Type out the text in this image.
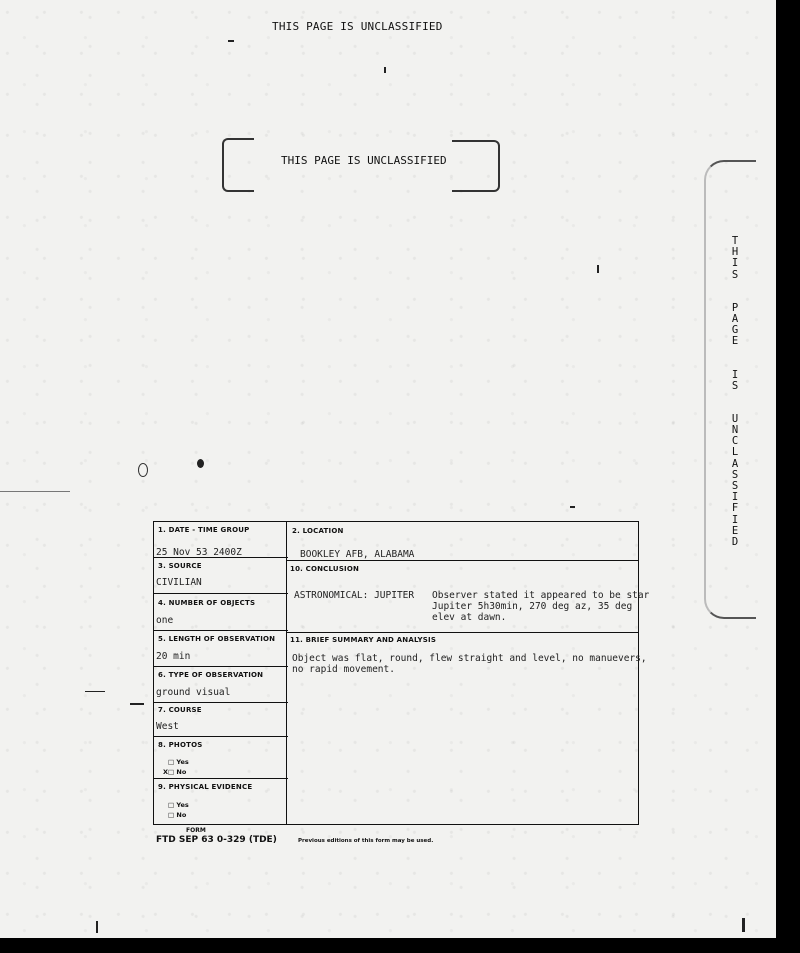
THIS PAGE IS UNCLASSIFIED
THIS PAGE IS UNCLASSIFIED
T
H
I
S

P
A
G
E

I
S

U
N
C
L
A
S
S
I
F
I
E
D
1. DATE - TIME GROUP
25 Nov 53 2400Z
3. SOURCE
CIVILIAN
4. NUMBER OF OBJECTS
one
5. LENGTH OF OBSERVATION
20 min
6. TYPE OF OBSERVATION
ground visual
7. COURSE
West
8. PHOTOS
□ Yes
X□ No
9. PHYSICAL EVIDENCE
□ Yes
□ No
2. LOCATION
BOOKLEY AFB, ALABAMA
10. CONCLUSION
ASTRONOMICAL: JUPITER Observer stated it appeared to be star
Jupiter 5h30min, 270 deg az, 35 deg
elev at dawn.
11. BRIEF SUMMARY AND ANALYSIS
Object was flat, round, flew straight and level, no manuevers,
no rapid movement.
FORM
FTD SEP 63 0-329 (TDE)	Previous editions of this form may be used.
